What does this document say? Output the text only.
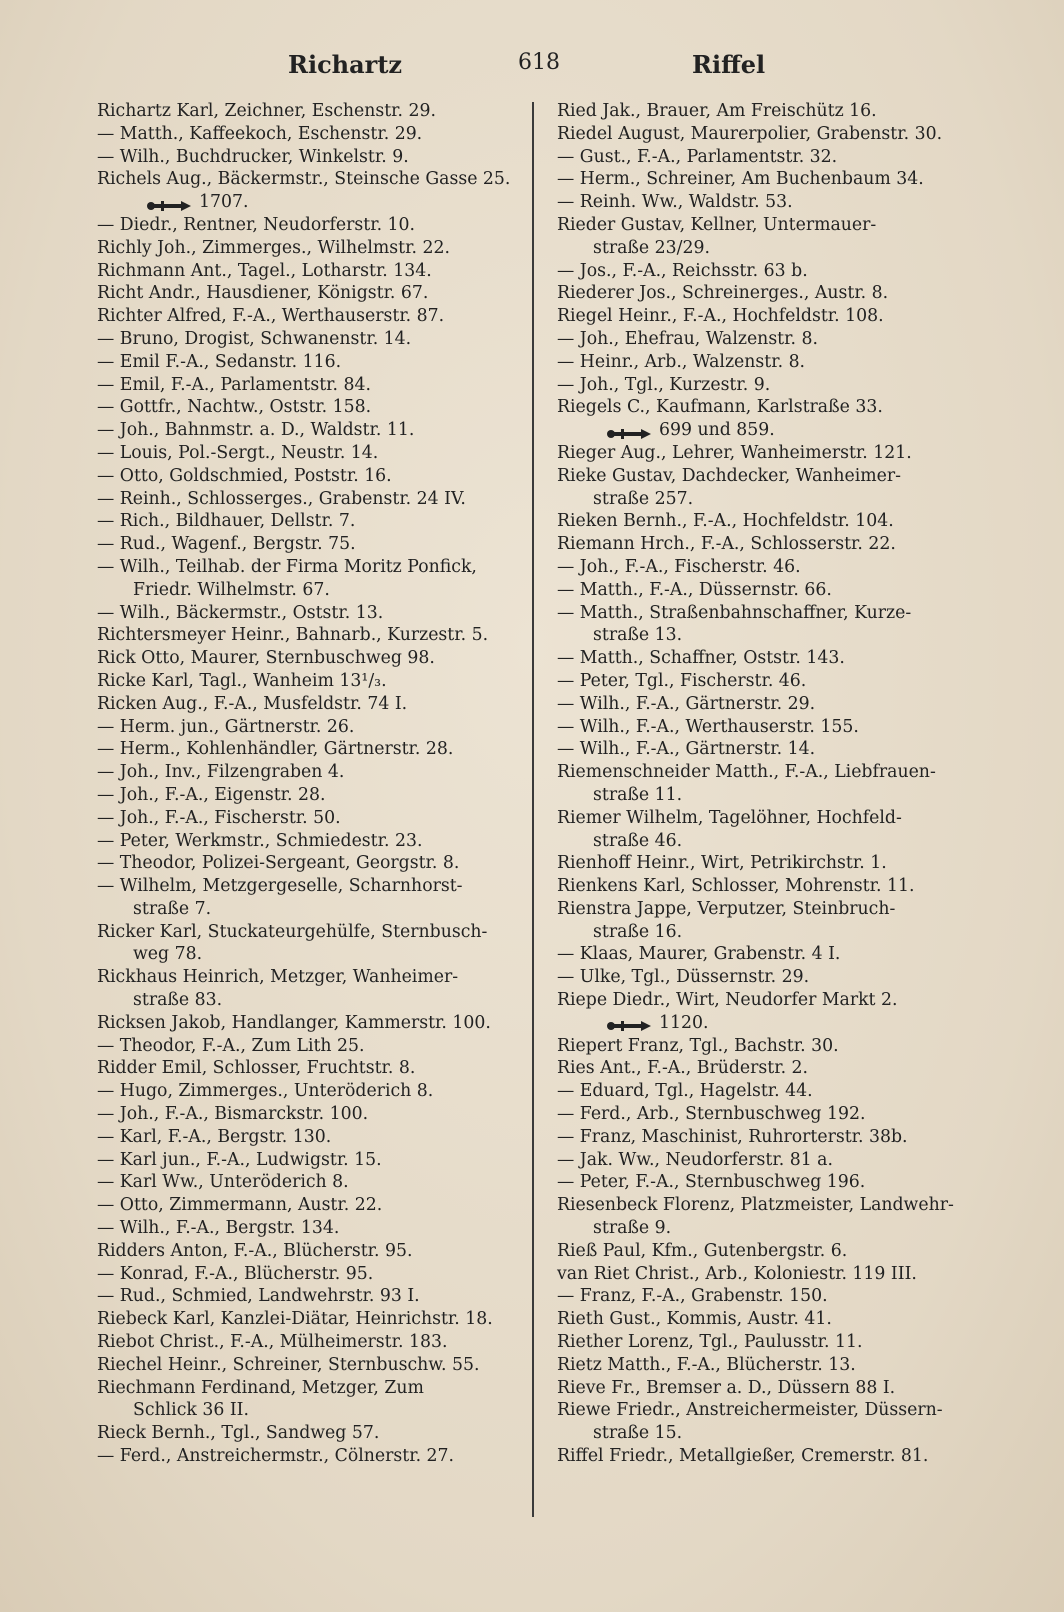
Richartz	618	Riffel
Richartz Karl, Zeichner, Eschenstr. 29.
— Matth., Kaffeekoch, Eschenstr. 29.
— Wilh., Buchdrucker, Winkelstr. 9.
Richels Aug., Bäckermstr., Steinsche Gasse 25.
1707.
— Diedr., Rentner, Neudorferstr. 10.
Richly Joh., Zimmerges., Wilhelmstr. 22.
Richmann Ant., Tagel., Lotharstr. 134.
Richt Andr., Hausdiener, Königstr. 67.
Richter Alfred, F.-A., Werthauserstr. 87.
— Bruno, Drogist, Schwanenstr. 14.
— Emil F.-A., Sedanstr. 116.
— Emil, F.-A., Parlamentstr. 84.
— Gottfr., Nachtw., Oststr. 158.
— Joh., Bahnmstr. a. D., Waldstr. 11.
— Louis, Pol.-Sergt., Neustr. 14.
— Otto, Goldschmied, Poststr. 16.
— Reinh., Schlosserges., Grabenstr. 24 IV.
— Rich., Bildhauer, Dellstr. 7.
— Rud., Wagenf., Bergstr. 75.
— Wilh., Teilhab. der Firma Moritz Ponfick,
Friedr. Wilhelmstr. 67.
— Wilh., Bäckermstr., Oststr. 13.
Richtersmeyer Heinr., Bahnarb., Kurzestr. 5.
Rick Otto, Maurer, Sternbuschweg 98.
Ricke Karl, Tagl., Wanheim 13¹/₃.
Ricken Aug., F.-A., Musfeldstr. 74 I.
— Herm. jun., Gärtnerstr. 26.
— Herm., Kohlenhändler, Gärtnerstr. 28.
— Joh., Inv., Filzengraben 4.
— Joh., F.-A., Eigenstr. 28.
— Joh., F.-A., Fischerstr. 50.
— Peter, Werkmstr., Schmiedestr. 23.
— Theodor, Polizei-Sergeant, Georgstr. 8.
— Wilhelm, Metzgergeselle, Scharnhorst-
straße 7.
Ricker Karl, Stuckateurgehülfe, Sternbusch-
weg 78.
Rickhaus Heinrich, Metzger, Wanheimer-
straße 83.
Ricksen Jakob, Handlanger, Kammerstr. 100.
— Theodor, F.-A., Zum Lith 25.
Ridder Emil, Schlosser, Fruchtstr. 8.
— Hugo, Zimmerges., Unteröderich 8.
— Joh., F.-A., Bismarckstr. 100.
— Karl, F.-A., Bergstr. 130.
— Karl jun., F.-A., Ludwigstr. 15.
— Karl Ww., Unteröderich 8.
— Otto, Zimmermann, Austr. 22.
— Wilh., F.-A., Bergstr. 134.
Ridders Anton, F.-A., Blücherstr. 95.
— Konrad, F.-A., Blücherstr. 95.
— Rud., Schmied, Landwehrstr. 93 I.
Riebeck Karl, Kanzlei-Diätar, Heinrichstr. 18.
Riebot Christ., F.-A., Mülheimerstr. 183.
Riechel Heinr., Schreiner, Sternbuschw. 55.
Riechmann Ferdinand, Metzger, Zum
Schlick 36 II.
Rieck Bernh., Tgl., Sandweg 57.
— Ferd., Anstreichermstr., Cölnerstr. 27.
Ried Jak., Brauer, Am Freischütz 16.
Riedel August, Maurerpolier, Grabenstr. 30.
— Gust., F.-A., Parlamentstr. 32.
— Herm., Schreiner, Am Buchenbaum 34.
— Reinh. Ww., Waldstr. 53.
Rieder Gustav, Kellner, Untermauer-
straße 23/29.
— Jos., F.-A., Reichsstr. 63 b.
Riederer Jos., Schreinerges., Austr. 8.
Riegel Heinr., F.-A., Hochfeldstr. 108.
— Joh., Ehefrau, Walzenstr. 8.
— Heinr., Arb., Walzenstr. 8.
— Joh., Tgl., Kurzestr. 9.
Riegels C., Kaufmann, Karlstraße 33.
699 und 859.
Rieger Aug., Lehrer, Wanheimerstr. 121.
Rieke Gustav, Dachdecker, Wanheimer-
straße 257.
Rieken Bernh., F.-A., Hochfeldstr. 104.
Riemann Hrch., F.-A., Schlosserstr. 22.
— Joh., F.-A., Fischerstr. 46.
— Matth., F.-A., Düssernstr. 66.
— Matth., Straßenbahnschaffner, Kurze-
straße 13.
— Matth., Schaffner, Oststr. 143.
— Peter, Tgl., Fischerstr. 46.
— Wilh., F.-A., Gärtnerstr. 29.
— Wilh., F.-A., Werthauserstr. 155.
— Wilh., F.-A., Gärtnerstr. 14.
Riemenschneider Matth., F.-A., Liebfrauen-
straße 11.
Riemer Wilhelm, Tagelöhner, Hochfeld-
straße 46.
Rienhoff Heinr., Wirt, Petrikirchstr. 1.
Rienkens Karl, Schlosser, Mohrenstr. 11.
Rienstra Jappe, Verputzer, Steinbruch-
straße 16.
— Klaas, Maurer, Grabenstr. 4 I.
— Ulke, Tgl., Düssernstr. 29.
Riepe Diedr., Wirt, Neudorfer Markt 2.
1120.
Riepert Franz, Tgl., Bachstr. 30.
Ries Ant., F.-A., Brüderstr. 2.
— Eduard, Tgl., Hagelstr. 44.
— Ferd., Arb., Sternbuschweg 192.
— Franz, Maschinist, Ruhrorterstr. 38b.
— Jak. Ww., Neudorferstr. 81 a.
— Peter, F.-A., Sternbuschweg 196.
Riesenbeck Florenz, Platzmeister, Landwehr-
straße 9.
Rieß Paul, Kfm., Gutenbergstr. 6.
van Riet Christ., Arb., Koloniestr. 119 III.
— Franz, F.-A., Grabenstr. 150.
Rieth Gust., Kommis, Austr. 41.
Riether Lorenz, Tgl., Paulusstr. 11.
Rietz Matth., F.-A., Blücherstr. 13.
Rieve Fr., Bremser a. D., Düssern 88 I.
Riewe Friedr., Anstreichermeister, Düssern-
straße 15.
Riffel Friedr., Metallgießer, Cremerstr. 81.
